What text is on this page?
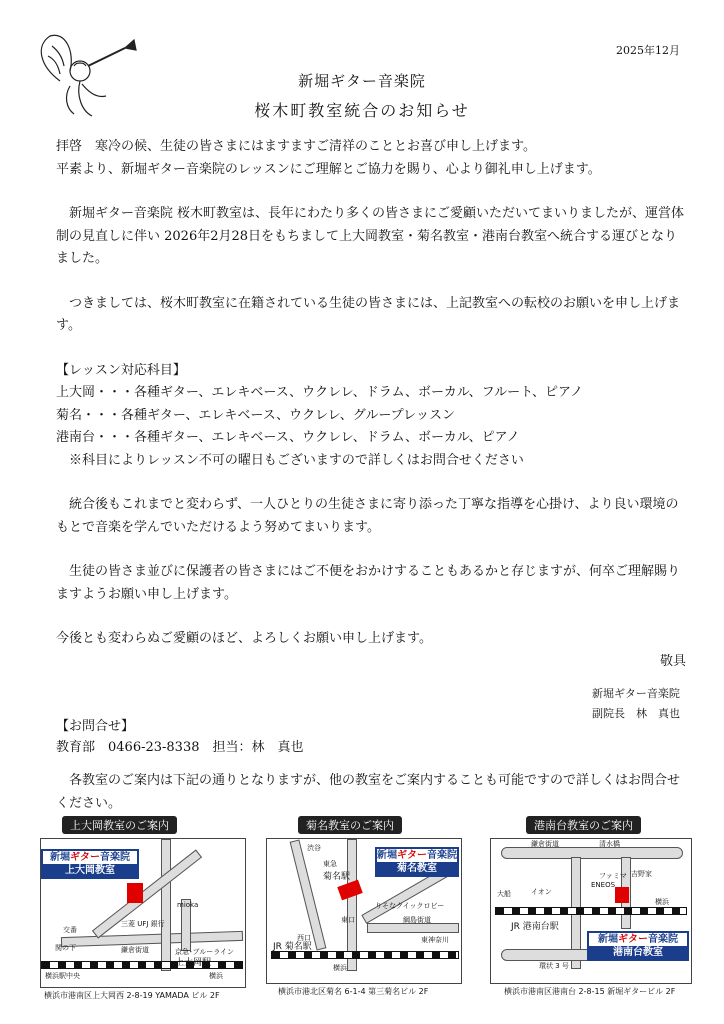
2025年12月
新堀ギター音楽院
桜木町教室統合のお知らせ

拝啓　寒冷の候、生徒の皆さまにはますますご清祥のこととお喜び申し上げます。

平素より、新堀ギター音楽院のレッスンにご理解とご協力を賜り、心より御礼申し上げます。

新堀ギター音楽院 桜木町教室は、長年にわたり多くの皆さまにご愛顧いただいてまいりましたが、運営体制の見直しに伴い 2026年2月28日をもちまして上大岡教室・菊名教室・港南台教室へ統合する運びとなりました。

つきましては、桜木町教室に在籍されている生徒の皆さまには、上記教室への転校のお願いを申し上げます。

【レッスン対応科目】

上大岡・・・各種ギター、エレキベース、ウクレレ、ドラム、ボーカル、フルート、ピアノ

菊名・・・各種ギター、エレキベース、ウクレレ、グループレッスン

港南台・・・各種ギター、エレキベース、ウクレレ、ドラム、ボーカル、ピアノ

※科目によりレッスン不可の曜日もございますので詳しくはお問合せください

統合後もこれまでと変わらず、一人ひとりの生徒さまに寄り添った丁寧な指導を心掛け、より良い環境のもとで音楽を学んでいただけるよう努めてまいります。

生徒の皆さま並びに保護者の皆さまにはご不便をおかけすることもあるかと存じますが、何卒ご理解賜りますようお願い申し上げます。

今後とも変わらぬご愛顧のほど、よろしくお願い申し上げます。

敬具

新堀ギター音楽院
副院長　林　真也
【お問合せ】
教育部　0466-23-8338　担当：林　真也

各教室のご案内は下記の通りとなりますが、他の教室をご案内することも可能ですので詳しくはお問合せください。

上大岡教室のご案内
新堀ギター音楽院
上大岡教室
mioka
三菱 UFJ 銀行
鎌倉街道
関の下
交番
京急･ブルーライン
上大岡駅
横浜駅中央	横浜
横浜市港南区上大岡西 2-8-19 YAMADA ビル 2F
菊名教室のご案内
新堀ギター音楽院
菊名教室
渋谷
東急
菊名駅
りそなクイックロビー
東口	綱島街道
東神奈川
西口
横浜
JR 菊名駅
横浜市港北区菊名 6-1-4 第三菊名ビル 2F
港南台教室のご案内
新堀ギター音楽院
港南台教室
鎌倉街道	清水橋
大船	イオン
ファミマ 吉野家
ENEOS
JR 港南台駅
横浜
環状 3 号
横浜市港南区港南台 2-8-15 新堀ギタービル 2F
